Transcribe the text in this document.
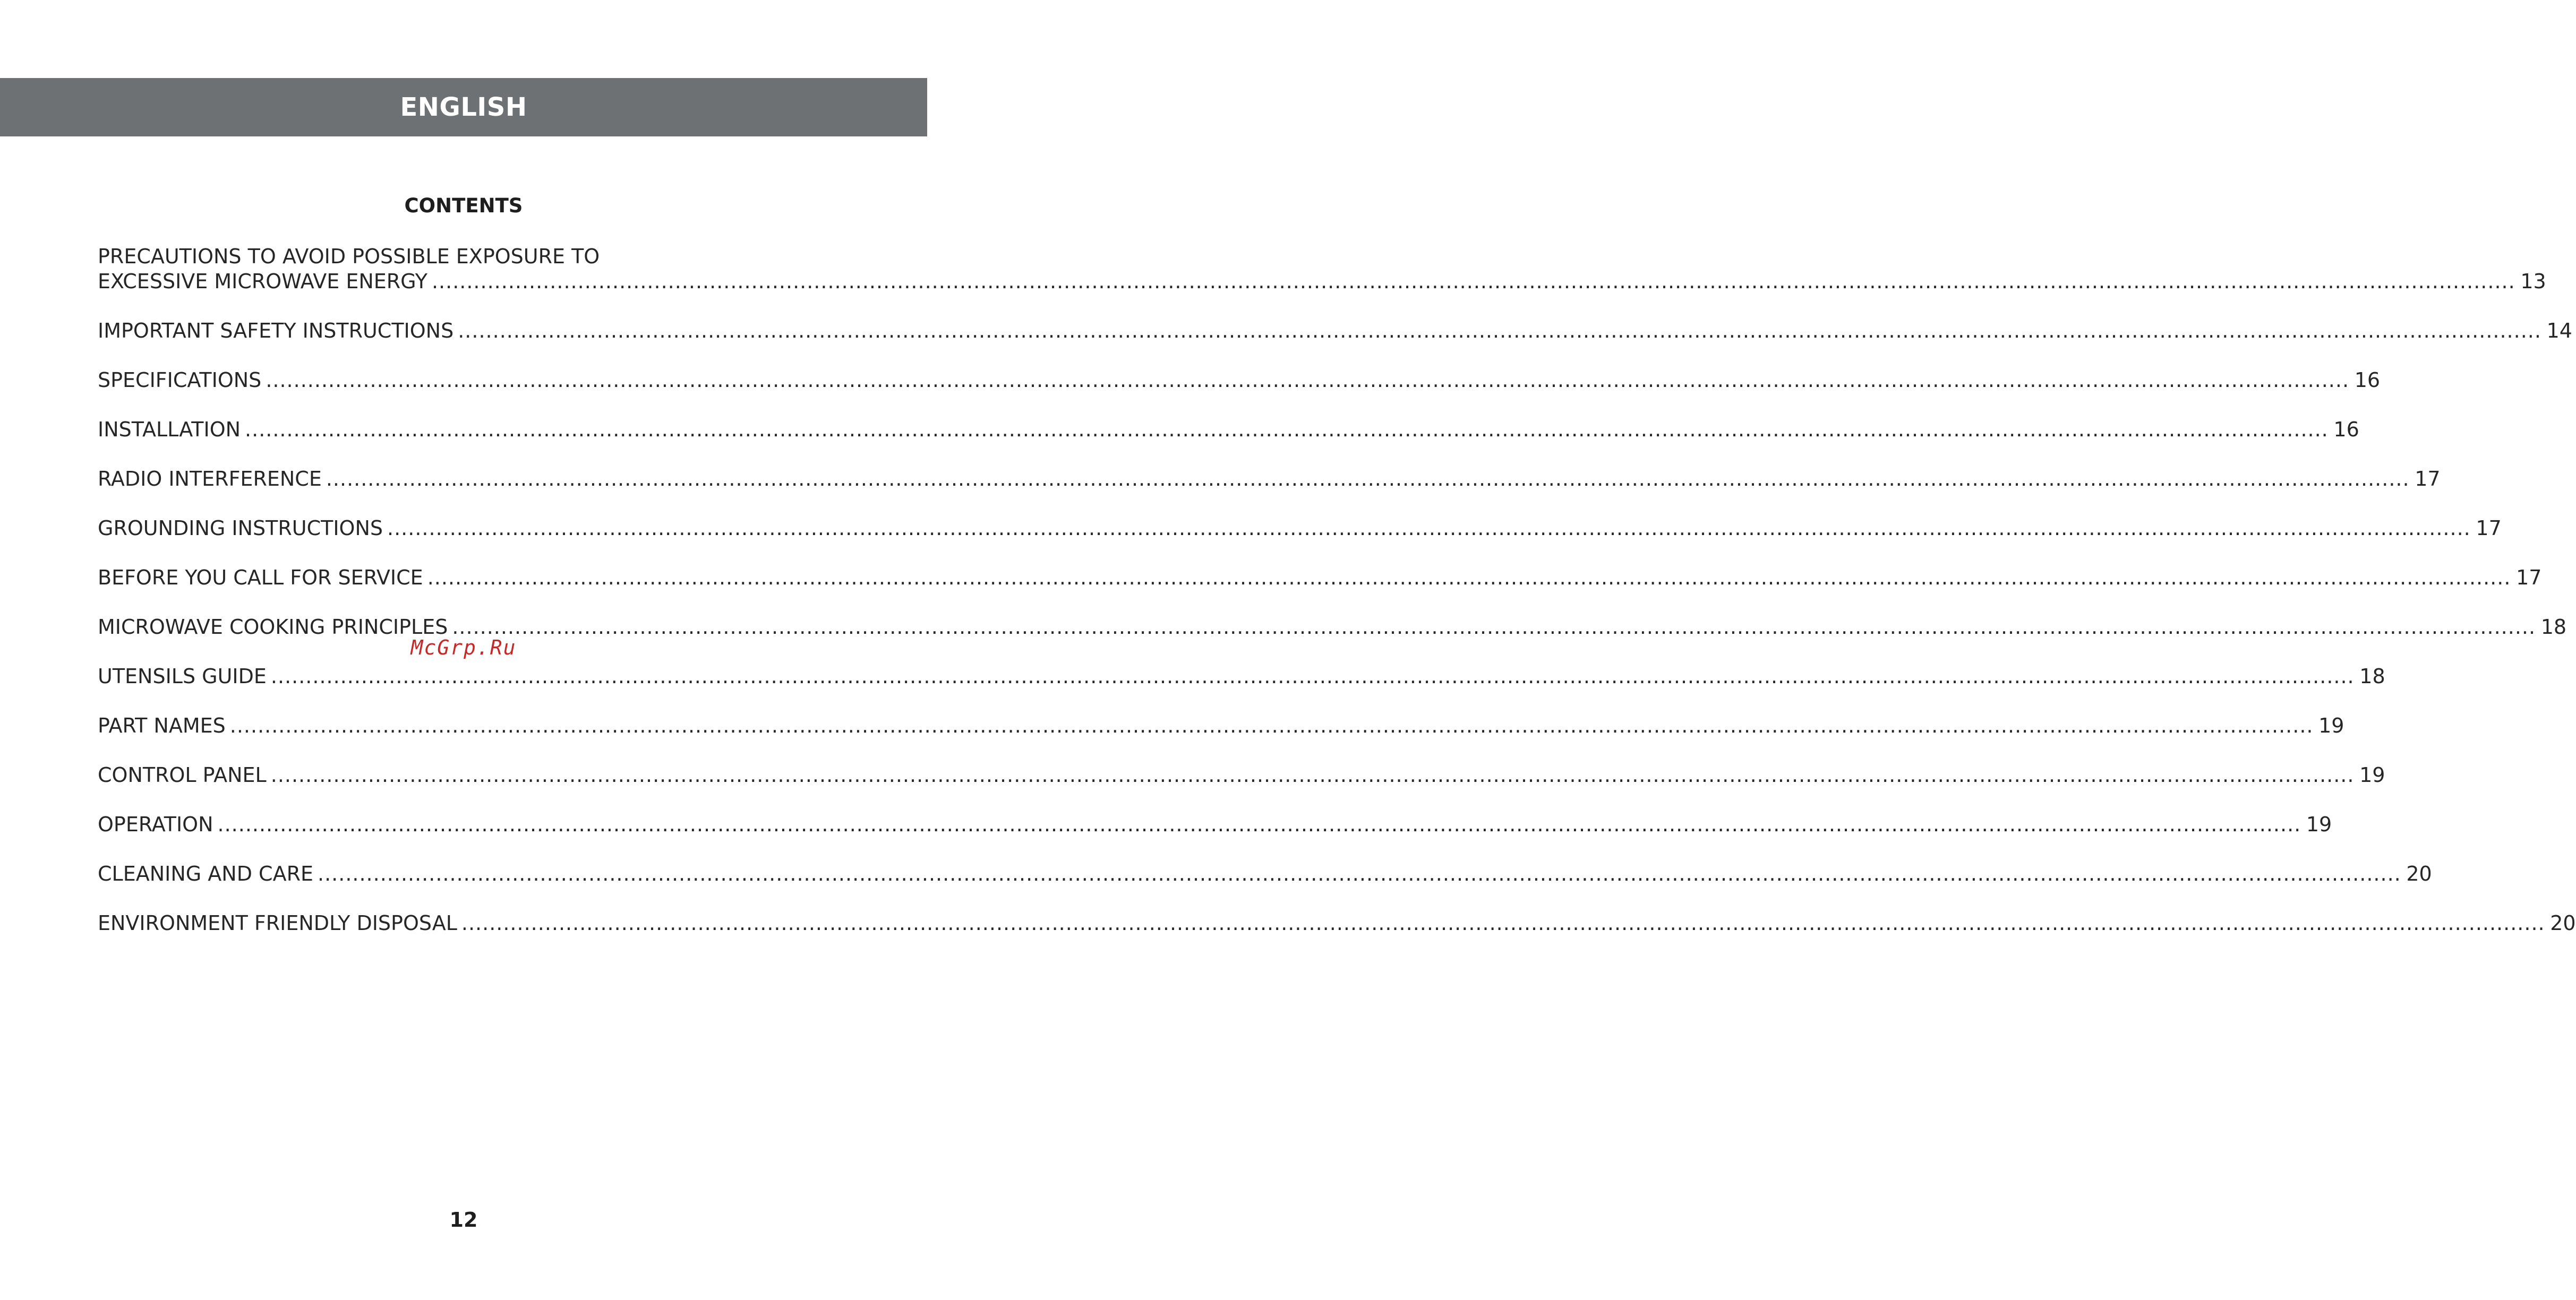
ENGLISH
CONTENTS
PRECAUTIONS TO AVOID POSSIBLE EXPOSURE TO
EXCESSIVE MICROWAVE ENERGY ............................................................................................................................................................................................................................................................................................................ 13
IMPORTANT SAFETY INSTRUCTIONS ............................................................................................................................................................................................................................................................................................................ 14
SPECIFICATIONS ............................................................................................................................................................................................................................................................................................................ 16
INSTALLATION ............................................................................................................................................................................................................................................................................................................ 16
RADIO INTERFERENCE ............................................................................................................................................................................................................................................................................................................ 17
GROUNDING INSTRUCTIONS ............................................................................................................................................................................................................................................................................................................ 17
BEFORE YOU CALL FOR SERVICE ............................................................................................................................................................................................................................................................................................................ 17
MICROWAVE COOKING PRINCIPLES ............................................................................................................................................................................................................................................................................................................ 18
UTENSILS GUIDE ............................................................................................................................................................................................................................................................................................................ 18
PART NAMES ............................................................................................................................................................................................................................................................................................................ 19
CONTROL PANEL ............................................................................................................................................................................................................................................................................................................ 19
OPERATION ............................................................................................................................................................................................................................................................................................................ 19
CLEANING AND CARE ............................................................................................................................................................................................................................................................................................................ 20
ENVIRONMENT FRIENDLY DISPOSAL ............................................................................................................................................................................................................................................................................................................ 20
McGrp.Ru
12
